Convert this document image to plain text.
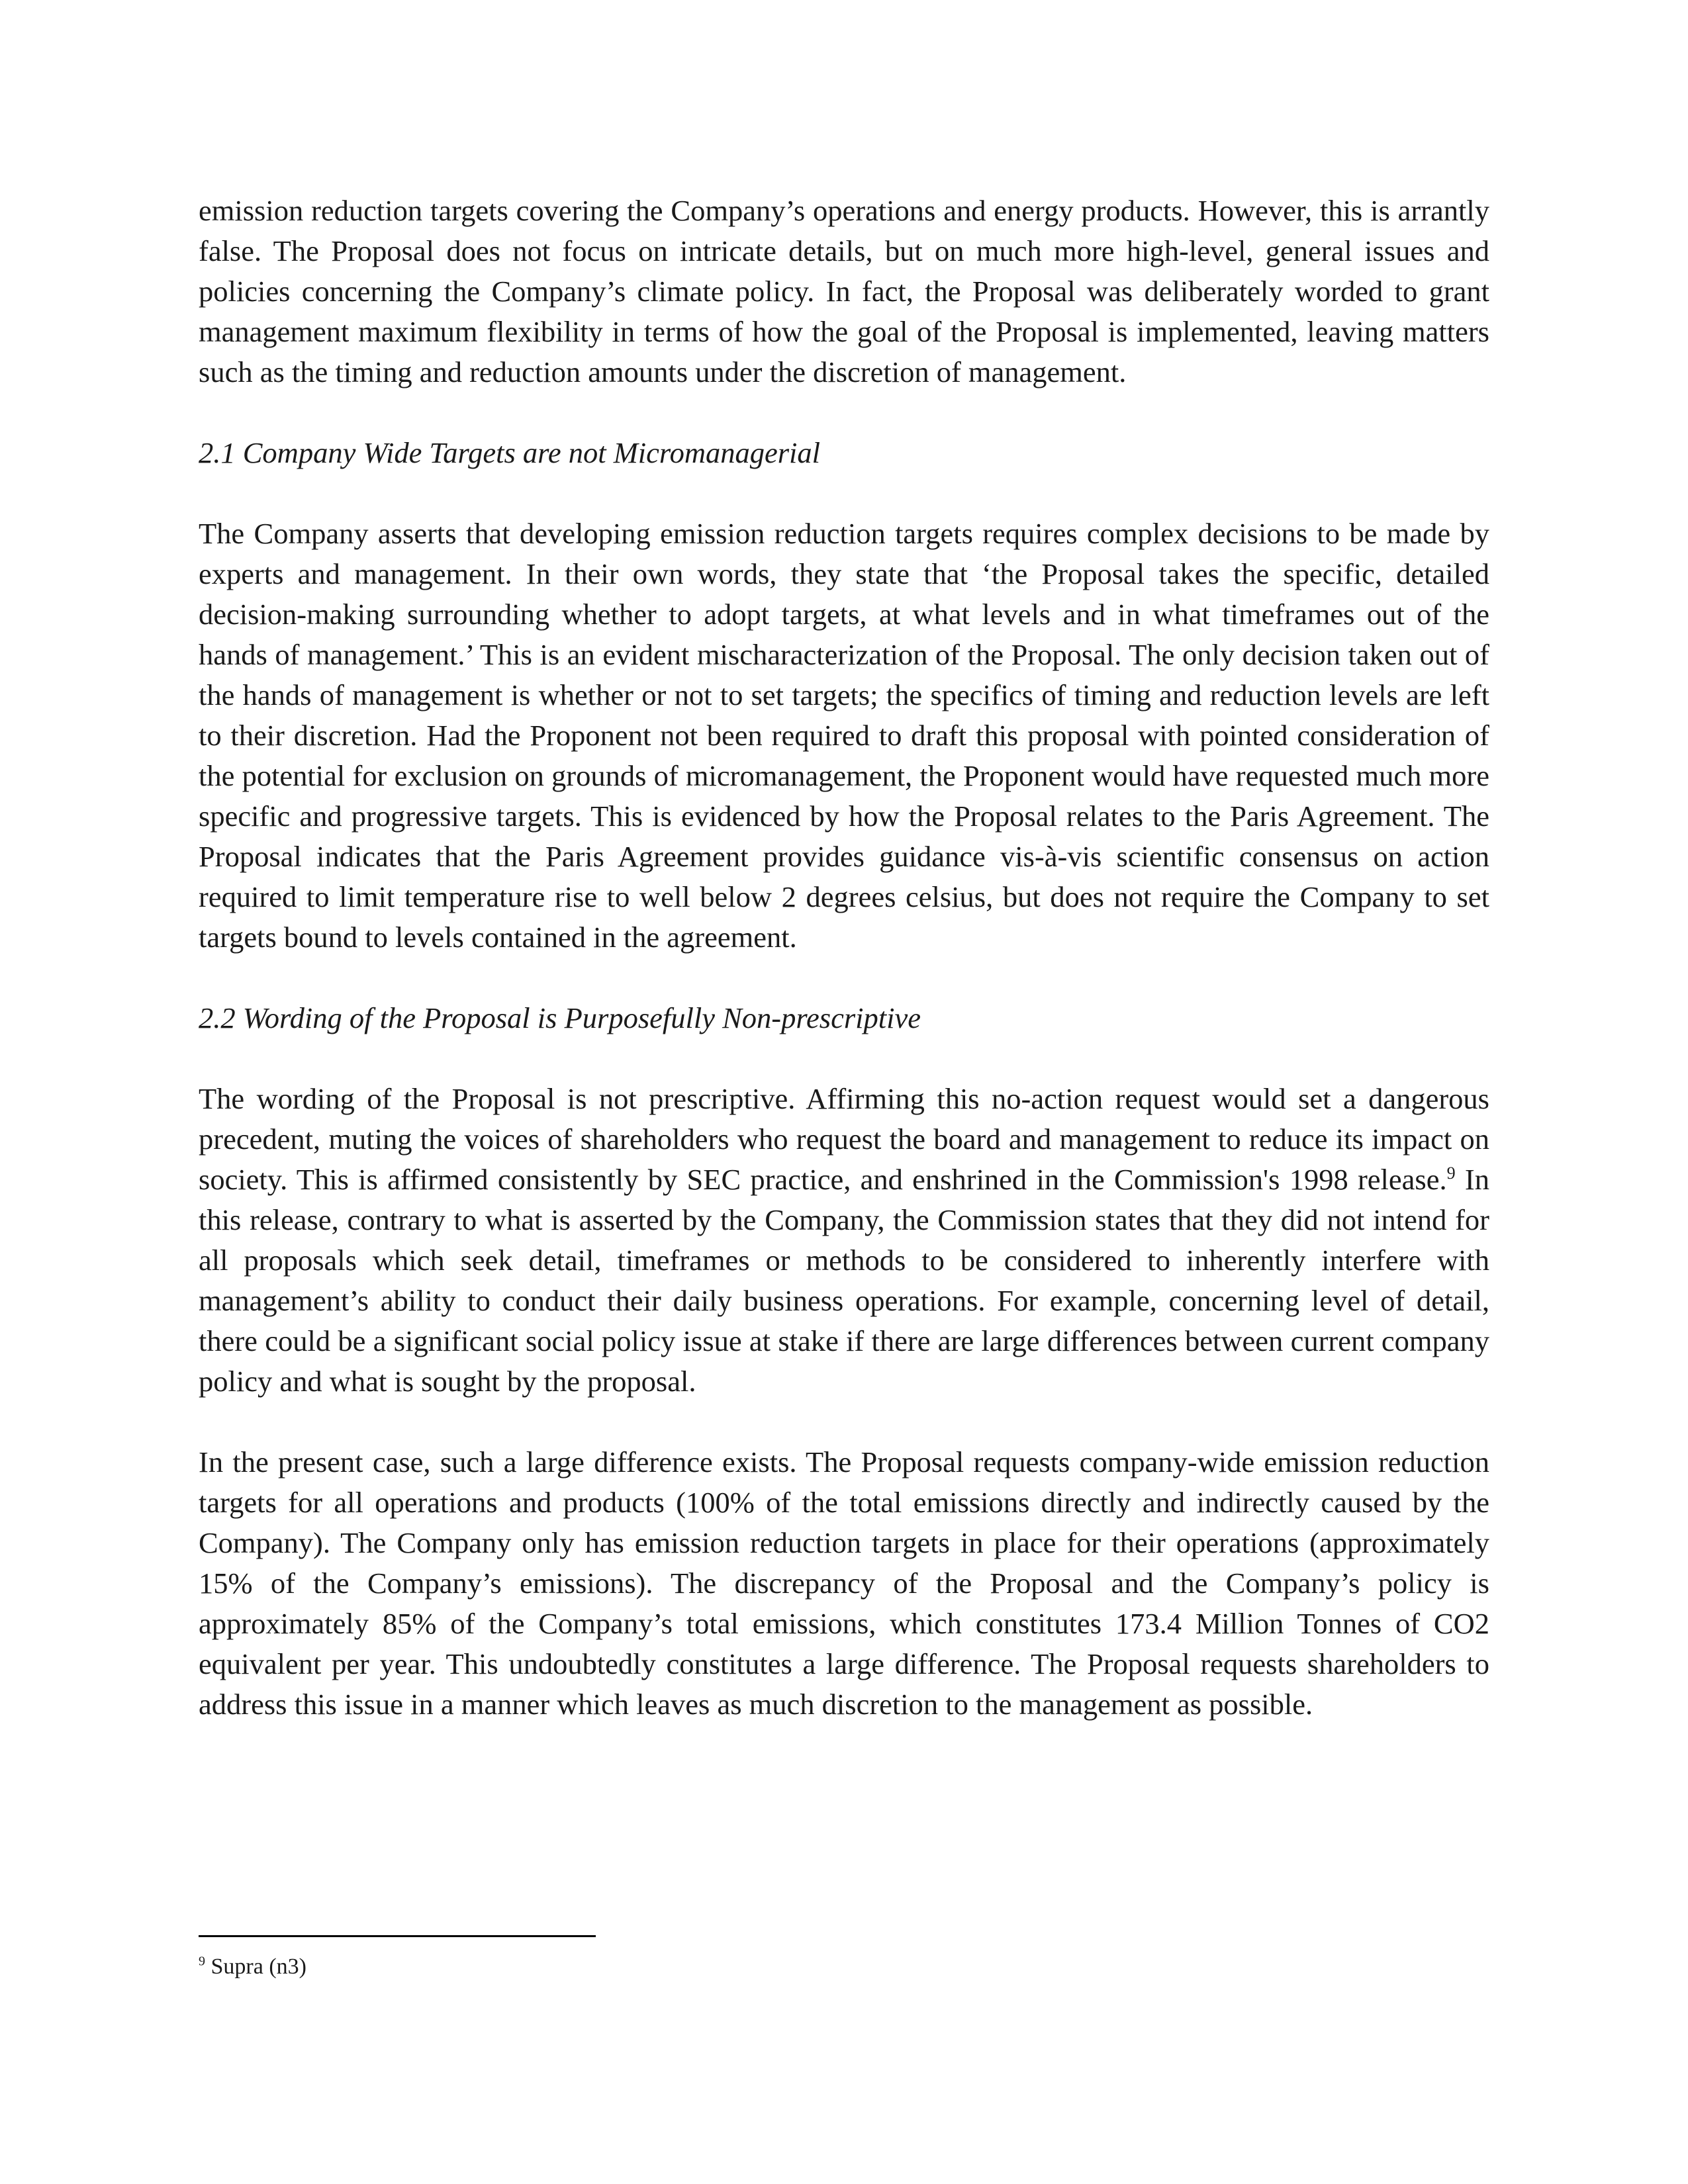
emission reduction targets covering the Company’s operations and energy products. However, this is arrantly false. The Proposal does not focus on intricate details, but on much more high-level, general issues and policies concerning the Company’s climate policy. In fact, the Proposal was deliberately worded to grant management maximum flexibility in terms of how the goal of the Proposal is implemented, leaving matters such as the timing and reduction amounts under the discretion of management.

2.1 Company Wide Targets are not Micromanagerial

The Company asserts that developing emission reduction targets requires complex decisions to be made by experts and management. In their own words, they state that ‘the Proposal takes the specific, detailed decision-making surrounding whether to adopt targets, at what levels and in what timeframes out of the hands of management.’ This is an evident mischaracterization of the Proposal. The only decision taken out of the hands of management is whether or not to set targets; the specifics of timing and reduction levels are left to their discretion. Had the Proponent not been required to draft this proposal with pointed consideration of the potential for exclusion on grounds of micromanagement, the Proponent would have requested much more specific and progressive targets. This is evidenced by how the Proposal relates to the Paris Agreement. The Proposal indicates that the Paris Agreement provides guidance vis-à-vis scientific consensus on action required to limit temperature rise to well below 2 degrees celsius, but does not require the Company to set targets bound to levels contained in the agreement.

2.2 Wording of the Proposal is Purposefully Non-prescriptive

The wording of the Proposal is not prescriptive. Affirming this no-action request would set a dangerous precedent, muting the voices of shareholders who request the board and management to reduce its impact on society. This is affirmed consistently by SEC practice, and enshrined in the Commission's 1998 release.$^9$ In this release, contrary to what is asserted by the Company, the Commission states that they did not intend for all proposals which seek detail, timeframes or methods to be considered to inherently interfere with management’s ability to conduct their daily business operations. For example, concerning level of detail, there could be a significant social policy issue at stake if there are large differences between current company policy and what is sought by the proposal.

In the present case, such a large difference exists. The Proposal requests company-wide emission reduction targets for all operations and products (100% of the total emissions directly and indirectly caused by the Company). The Company only has emission reduction targets in place for their operations (approximately 15% of the Company’s emissions). The discrepancy of the Proposal and the Company’s policy is approximately 85% of the Company’s total emissions, which constitutes 173.4 Million Tonnes of CO2 equivalent per year. This undoubtedly constitutes a large difference. The Proposal requests shareholders to address this issue in a manner which leaves as much discretion to the management as possible.

$^9$ Supra (n3)
